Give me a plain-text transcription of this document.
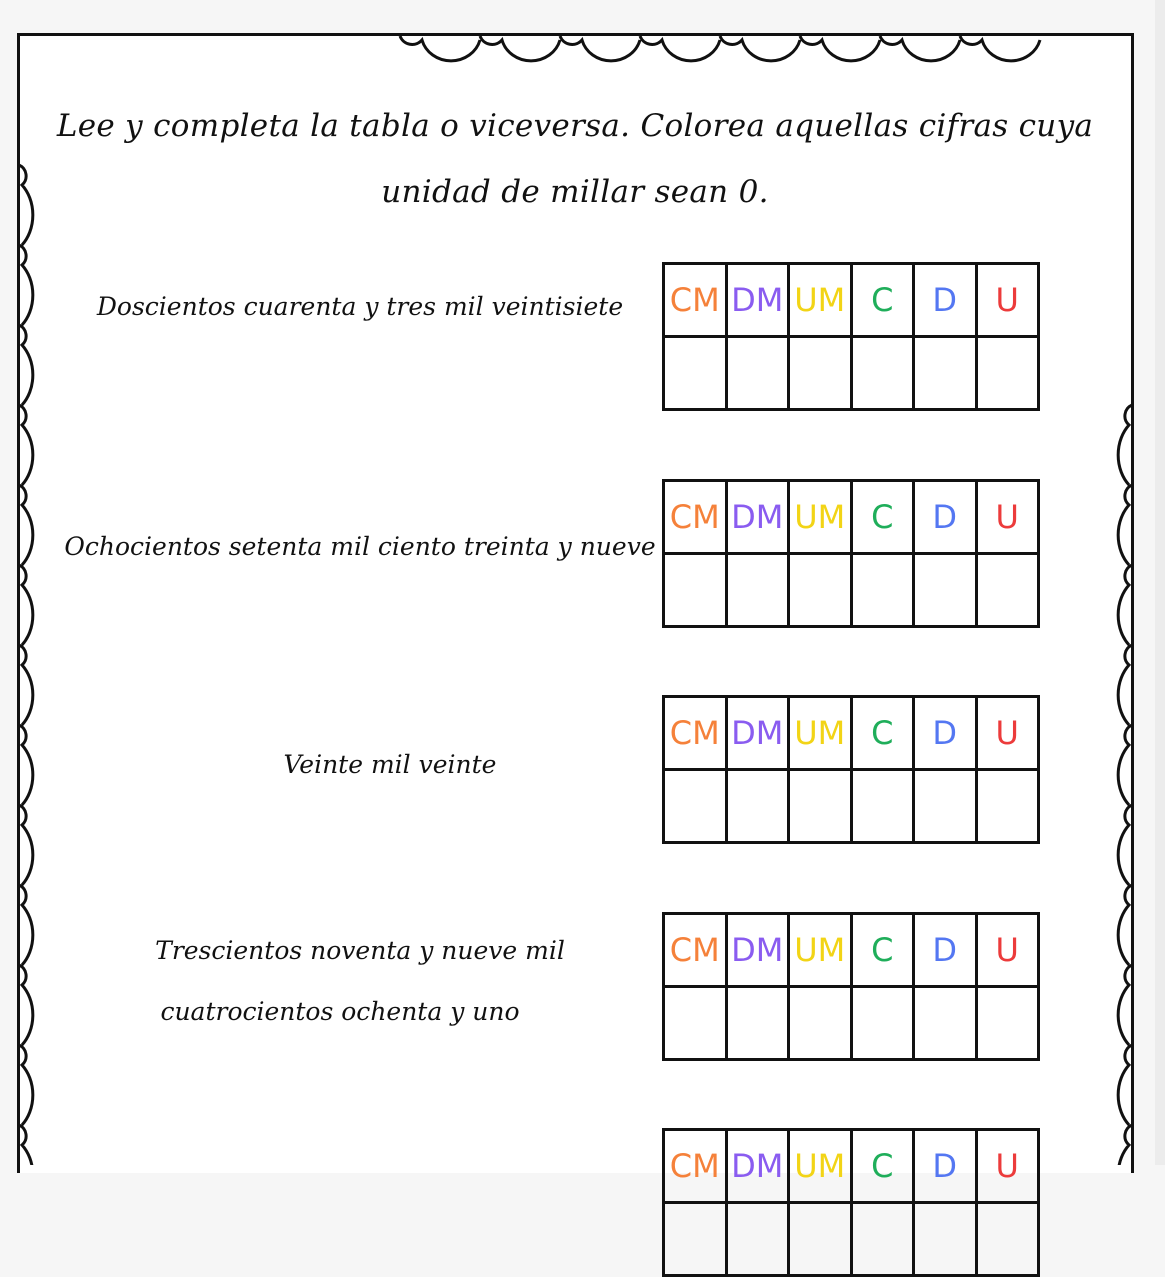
Lee y completa la tabla o viceversa. Colorea aquellas cifras cuya
unidad de millar sean 0.
Doscientos cuarenta y tres mil veintisiete
Ochocientos setenta mil ciento treinta y nueve
Veinte mil veinte
Trescientos noventa y nueve mil
cuatrocientos ochenta y uno
CM	DM	UM	C	D	U

CM	DM	UM	C	D	U

CM	DM	UM	C	D	U

CM	DM	UM	C	D	U

CM	DM	UM	C	D	U
